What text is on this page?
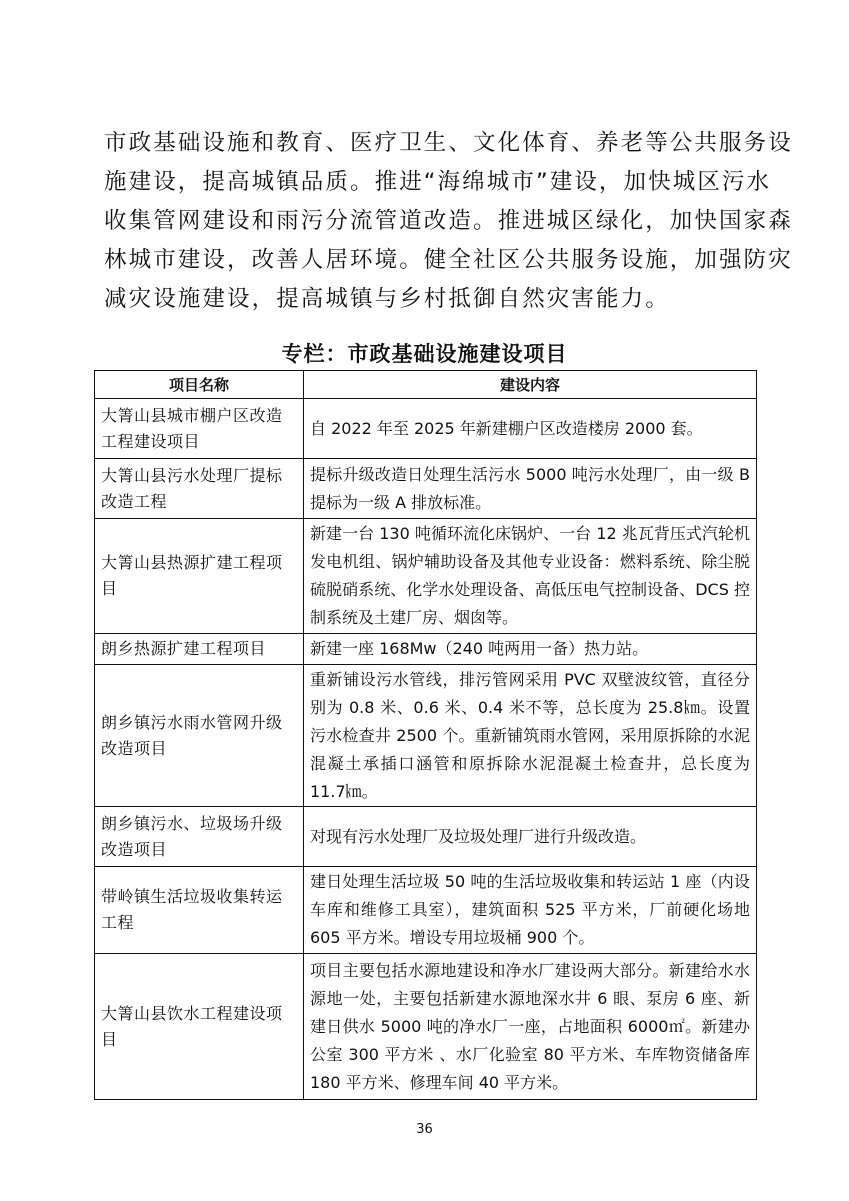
市政基础设施和教育、医疗卫生、文化体育、养老等公共服务设
施建设，提高城镇品质。推进“海绵城市”建设，加快城区污水
收集管网建设和雨污分流管道改造。推进城区绿化，加快国家森
林城市建设，改善人居环境。健全社区公共服务设施，加强防灾
减灾设施建设，提高城镇与乡村抵御自然灾害能力。
专栏：市政基础设施建设项目
项目名称	建设内容
大箐山县城市棚户区改造工程建设项目	自 2022 年至 2025 年新建棚户区改造楼房 2000 套。
大箐山县污水处理厂提标改造工程	提标升级改造日处理生活污水 5000 吨污水处理厂，由一级 B 提标为一级 A 排放标准。
大箐山县热源扩建工程项目	新建一台 130 吨循环流化床锅炉、一台 12 兆瓦背压式汽轮机发电机组、锅炉辅助设备及其他专业设备：燃料系统、除尘脱硫脱硝系统、化学水处理设备、高低压电气控制设备、DCS 控制系统及土建厂房、烟囱等。
朗乡热源扩建工程项目	新建一座 168Mw（240 吨两用一备）热力站。
朗乡镇污水雨水管网升级改造项目	重新铺设污水管线，排污管网采用 PVC 双壁波纹管，直径分别为 0.8 米、0.6 米、0.4 米不等，总长度为 25.8㎞。设置污水检查井 2500 个。重新铺筑雨水管网，采用原拆除的水泥混凝土承插口涵管和原拆除水泥混凝土检查井，总长度为 11.7㎞。
朗乡镇污水、垃圾场升级改造项目	对现有污水处理厂及垃圾处理厂进行升级改造。
带岭镇生活垃圾收集转运工程	建日处理生活垃圾 50 吨的生活垃圾收集和转运站 1 座（内设车库和维修工具室），建筑面积 525 平方米，厂前硬化场地 605 平方米。增设专用垃圾桶 900 个。
大箐山县饮水工程建设项目	项目主要包括水源地建设和净水厂建设两大部分。新建给水水源地一处，主要包括新建水源地深水井 6 眼、泵房 6 座、新建日供水 5000 吨的净水厂一座，占地面积 6000㎡。新建办公室 300 平方米 、水厂化验室 80 平方米、车库物资储备库 180 平方米、修理车间 40 平方米。
36
